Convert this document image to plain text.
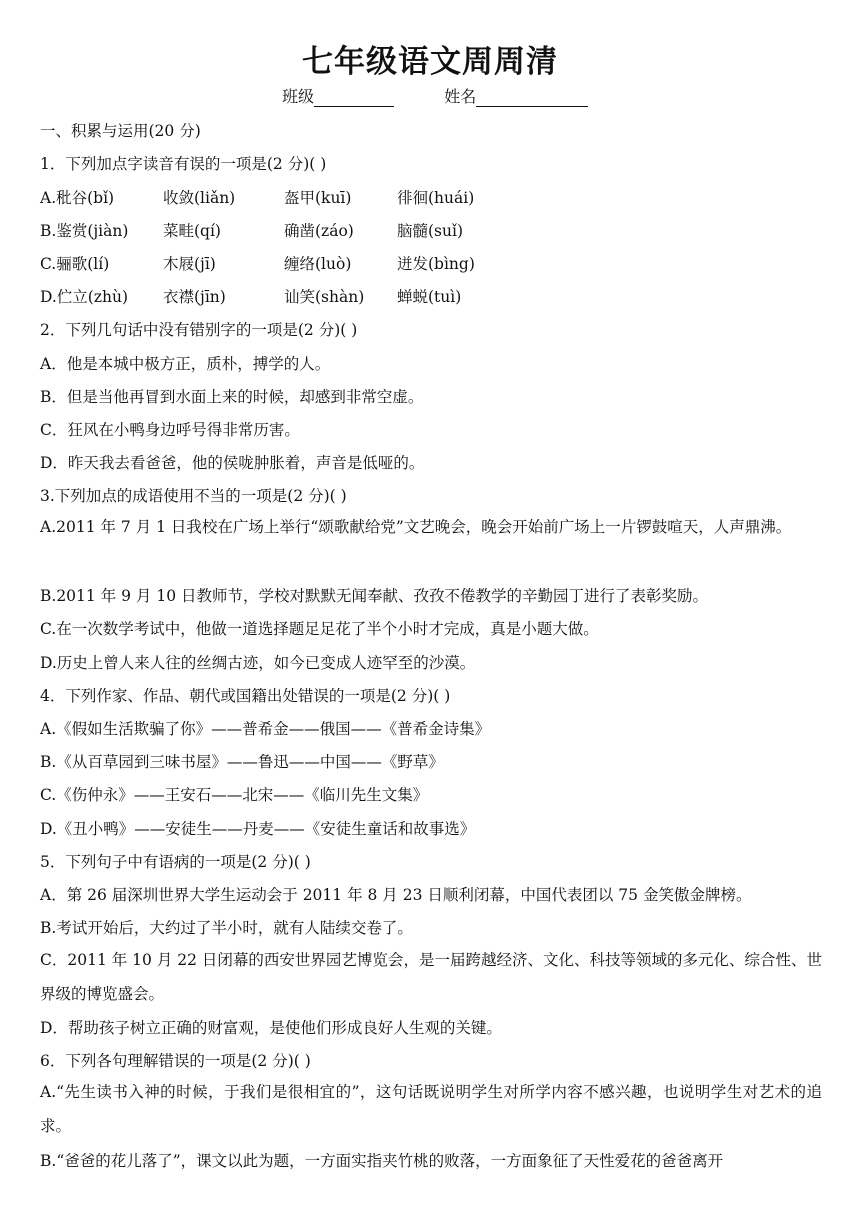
七年级语文周周清
班级	姓名
一、积累与运用(20 分)
1．下列加点字读音有误的一项是(2 分)( )
A.秕谷(bǐ)	收敛(liǎn)	盔甲(kuī)	徘徊(huái)
B.鉴赏(jiàn) 菜畦(qí)	确凿(záo)	脑髓(suǐ)
C.骊歌(lí)	木屐(jī)	缠络(luò)	迸发(bìng)
D.伫立(zhù) 衣襟(jīn)	讪笑(shàn) 蝉蜕(tuì)
2．下列几句话中没有错别字的一项是(2 分)( )
A．他是本城中极方正，质朴，搏学的人。
B．但是当他再冒到水面上来的时候，却感到非常空虚。
C．狂风在小鸭身边呼号得非常历害。
D．昨天我去看爸爸，他的侯咙肿胀着，声音是低哑的。
3.下列加点的成语使用不当的一项是(2 分)( )
A.2011 年 7 月 1 日我校在广场上举行“颂歌献给党”文艺晚会，晚会开始前广场上一片锣鼓喧天，人声鼎沸。
B.2011 年 9 月 10 日教师节，学校对默默无闻奉献、孜孜不倦教学的辛勤园丁进行了表彰奖励。
C.在一次数学考试中，他做一道选择题足足花了半个小时才完成，真是小题大做。
D.历史上曾人来人往的丝绸古迹，如今已变成人迹罕至的沙漠。
4．下列作家、作品、朝代或国籍出处错误的一项是(2 分)( )
A.《假如生活欺骗了你》——普希金——俄国——《普希金诗集》
B.《从百草园到三味书屋》——鲁迅——中国——《野草》
C.《伤仲永》——王安石——北宋——《临川先生文集》
D.《丑小鸭》——安徒生——丹麦——《安徒生童话和故事选》
5．下列句子中有语病的一项是(2 分)( )
A．第 26 届深圳世界大学生运动会于 2011 年 8 月 23 日顺利闭幕，中国代表团以 75 金笑傲金牌榜。
B.考试开始后，大约过了半小时，就有人陆续交卷了。
C．2011 年 10 月 22 日闭幕的西安世界园艺博览会，是一届跨越经济、文化、科技等领域的多元化、综合性、世界级的博览盛会。
D．帮助孩子树立正确的财富观，是使他们形成良好人生观的关键。
6．下列各句理解错误的一项是(2 分)( )
A.“先生读书入神的时候，于我们是很相宜的”，这句话既说明学生对所学内容不感兴趣，也说明学生对艺术的追求。
B.“爸爸的花儿落了”，课文以此为题，一方面实指夹竹桃的败落，一方面象征了天性爱花的爸爸离开
